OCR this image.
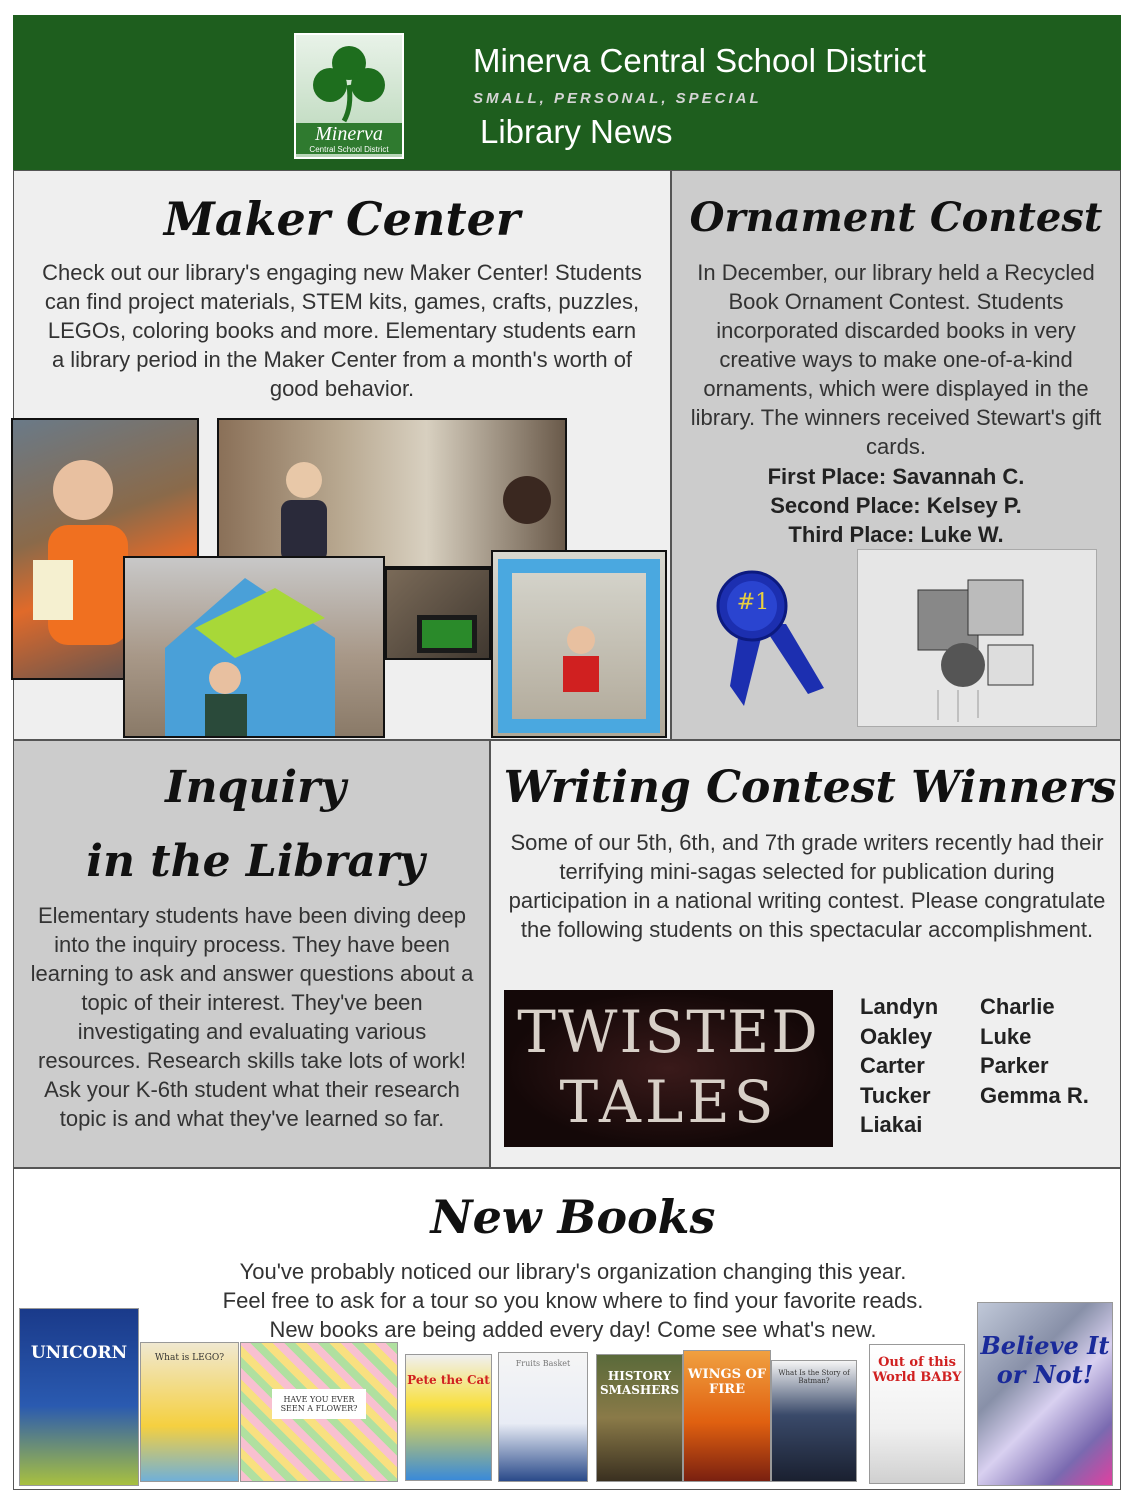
Minerva
Central School District
Minerva Central School District
SMALL, PERSONAL, SPECIAL
Library News
Maker Center
Check out our library's engaging new Maker Center! Students can find project materials, STEM kits, games, crafts, puzzles, LEGOs, coloring books and more. Elementary students earn a library period in the Maker Center from a month's worth of good behavior.
Ornament Contest
In December, our library held a Recycled Book Ornament Contest. Students incorporated discarded books in very creative ways to make one-of-a-kind ornaments, which were displayed in the library. The winners received Stewart's gift cards.
First Place: Savannah C.
Second Place: Kelsey P.
Third Place: Luke W.
#1
Inquiry
in the Library
Elementary students have been diving deep into the inquiry process. They have been learning to ask and answer questions about a topic of their interest. They've been investigating and evaluating various resources. Research skills take lots of work! Ask your K-6th student what their research topic is and what they've learned so far.
Writing Contest Winners
Some of our 5th, 6th, and 7th grade writers recently had their terrifying mini-sagas selected for publication during participation in a national writing contest. Please congratulate the following students on this spectacular accomplishment.
TWISTED
TALES
Landyn
Oakley
Carter
Tucker
Liakai
Charlie
Luke
Parker
Gemma R.
New Books
You've probably noticed our library's organization changing this year.
Feel free to ask for a tour so you know where to find your favorite reads.
New books are being added every day! Come see what's new.
UNICORN	What is LEGO?
HAVE YOU EVER SEEN A FLOWER?
Pete the Cat
Fruits Basket
HISTORY SMASHERS
WINGS OF FIRE
What Is the Story of Batman?
Out of this World BABY
Believe It or Not!
